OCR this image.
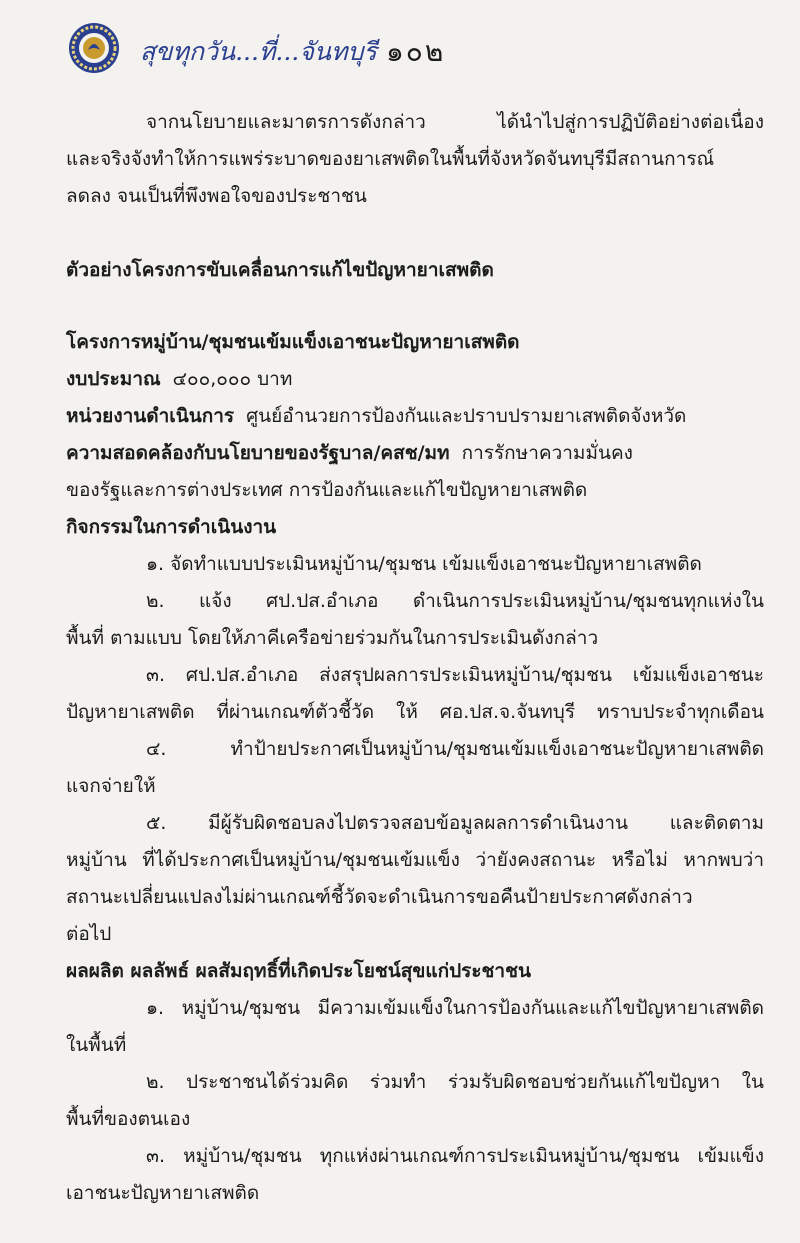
สุขทุกวัน...ที่...จันทบุรี ๑๐๒
จากนโยบายและมาตรการดังกล่าว ได้นำไปสู่การปฏิบัติอย่างต่อเนื่อง
และจริงจังทำให้การแพร่ระบาดของยาเสพติดในพื้นที่จังหวัดจันทบุรีมีสถานการณ์
ลดลง จนเป็นที่พึงพอใจของประชาชน
ตัวอย่างโครงการขับเคลื่อนการแก้ไขปัญหายาเสพติด
โครงการหมู่บ้าน/ชุมชนเข้มแข็งเอาชนะปัญหายาเสพติด
งบประมาณ ๔๐๐,๐๐๐ บาท
หน่วยงานดำเนินการ ศูนย์อำนวยการป้องกันและปราบปรามยาเสพติดจังหวัด
ความสอดคล้องกับนโยบายของรัฐบาล/คสช/มท การรักษาความมั่นคง
ของรัฐและการต่างประเทศ การป้องกันและแก้ไขปัญหายาเสพติด
กิจกรรมในการดำเนินงาน
๑. จัดทำแบบประเมินหมู่บ้าน/ชุมชน เข้มแข็งเอาชนะปัญหายาเสพติด
๒. แจ้ง ศป.ปส.อำเภอ ดำเนินการประเมินหมู่บ้าน/ชุมชนทุกแห่งใน
พื้นที่ ตามแบบ โดยให้ภาคีเครือข่ายร่วมกันในการประเมินดังกล่าว
๓. ศป.ปส.อำเภอ ส่งสรุปผลการประเมินหมู่บ้าน/ชุมชน เข้มแข็งเอาชนะ
ปัญหายาเสพติด ที่ผ่านเกณฑ์ตัวชี้วัด ให้ ศอ.ปส.จ.จันทบุรี ทราบประจำทุกเดือน
๔. ทำป้ายประกาศเป็นหมู่บ้าน/ชุมชนเข้มแข็งเอาชนะปัญหายาเสพติด
แจกจ่ายให้
๕. มีผู้รับผิดชอบลงไปตรวจสอบข้อมูลผลการดำเนินงาน และติดตาม
หมู่บ้าน ที่ได้ประกาศเป็นหมู่บ้าน/ชุมชนเข้มแข็ง ว่ายังคงสถานะ หรือไม่ หากพบว่า
สถานะเปลี่ยนแปลงไม่ผ่านเกณฑ์ชี้วัดจะดำเนินการขอคืนป้ายประกาศดังกล่าว
ต่อไป
ผลผลิต ผลลัพธ์ ผลสัมฤทธิ์ที่เกิดประโยชน์สุขแก่ประชาชน
๑. หมู่บ้าน/ชุมชน มีความเข้มแข็งในการป้องกันและแก้ไขปัญหายาเสพติด
ในพื้นที่
๒. ประชาชนได้ร่วมคิด ร่วมทำ ร่วมรับผิดชอบช่วยกันแก้ไขปัญหา ใน
พื้นที่ของตนเอง
๓. หมู่บ้าน/ชุมชน ทุกแห่งผ่านเกณฑ์การประเมินหมู่บ้าน/ชุมชน เข้มแข็ง
เอาชนะปัญหายาเสพติด
